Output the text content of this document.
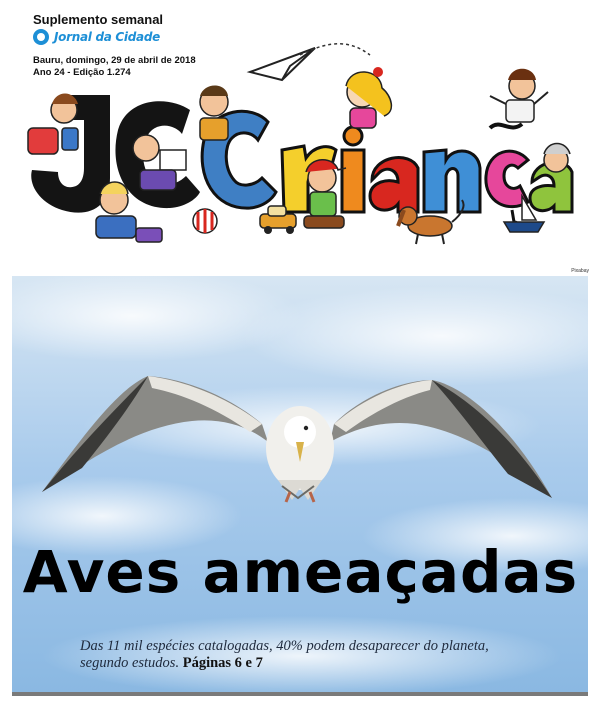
Suplemento semanal
Jornal da Cidade
Bauru, domingo, 29 de abril de 2018
Ano 24 - Edição 1.274
Pixabay
Aves ameaçadas
Das 11 mil espécies catalogadas, 40% podem desaparecer do planeta, segundo estudos. Páginas 6 e 7
